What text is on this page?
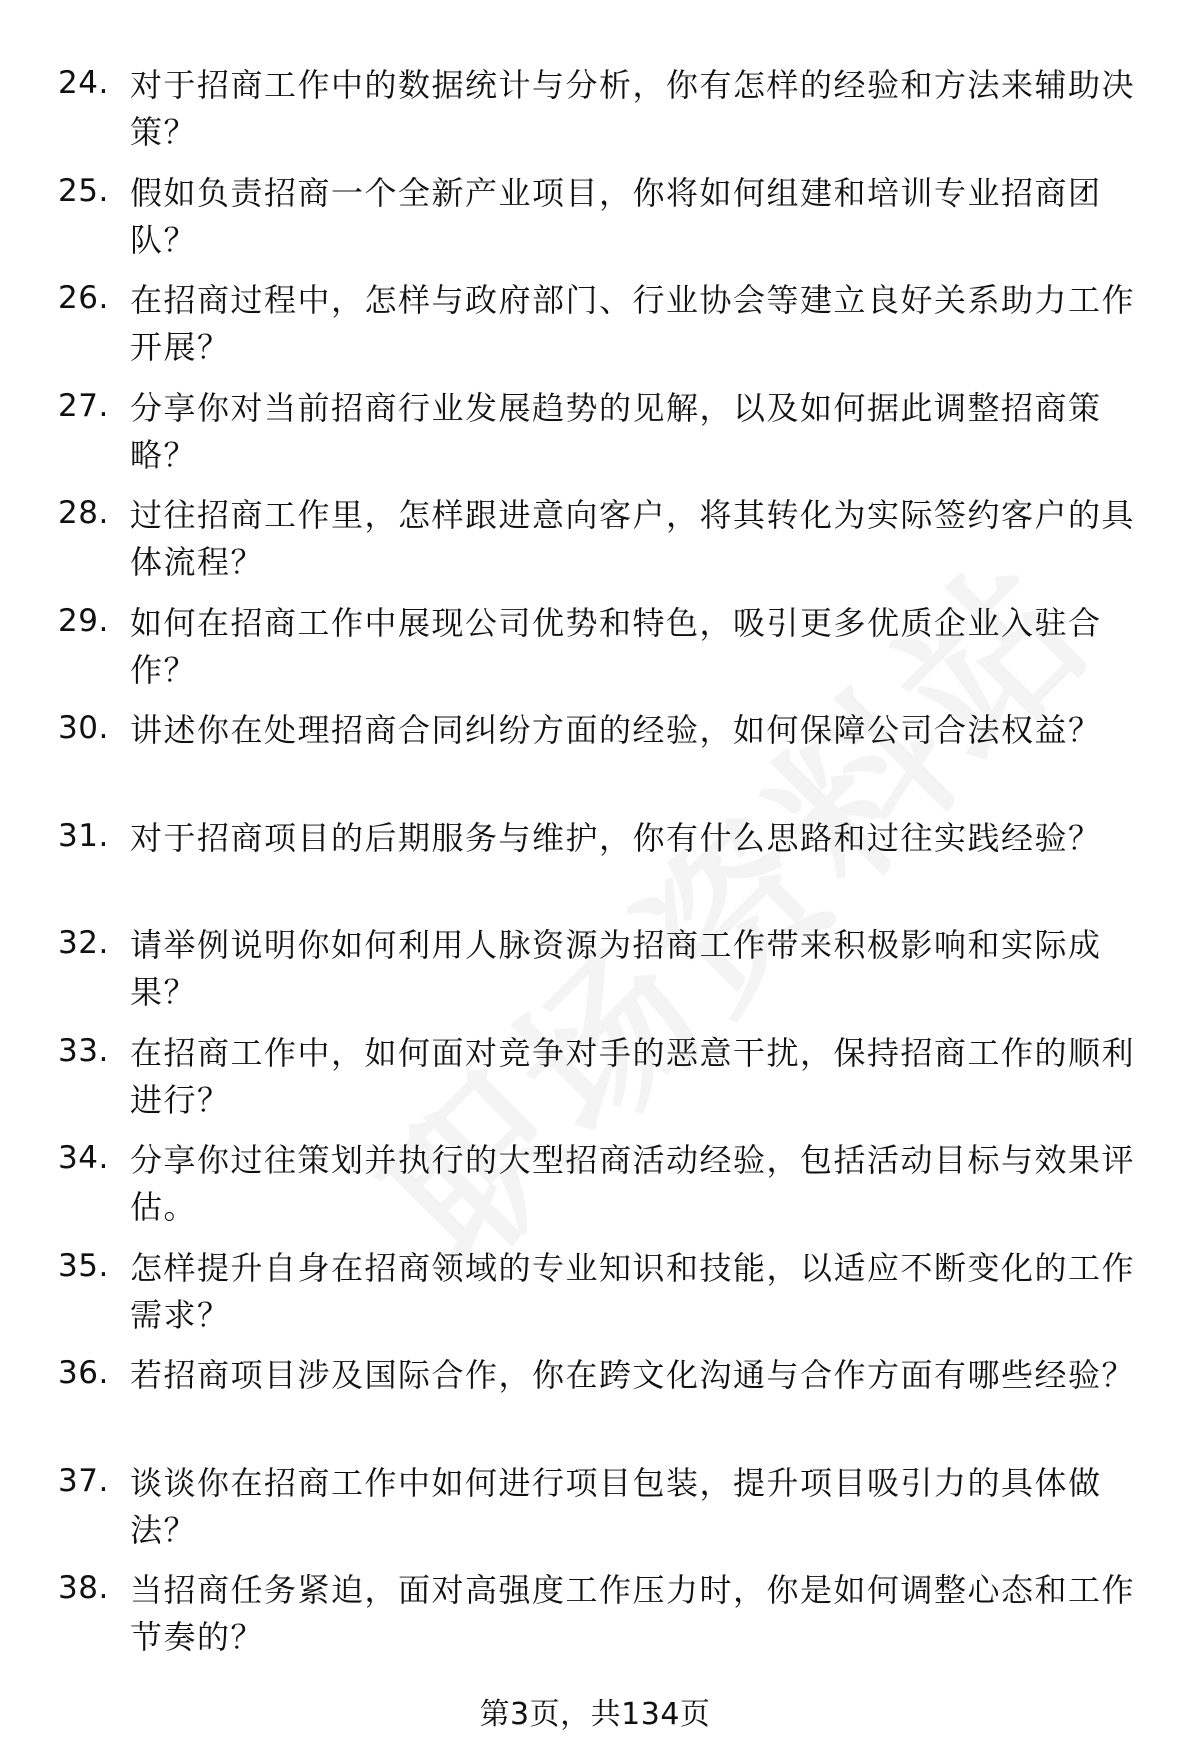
24. 对于招商工作中的数据统计与分析，你有怎样的经验和方法来辅助决策？
25. 假如负责招商一个全新产业项目，你将如何组建和培训专业招商团队？
26. 在招商过程中，怎样与政府部门、行业协会等建立良好关系助力工作开展？
27. 分享你对当前招商行业发展趋势的见解，以及如何据此调整招商策略？
28. 过往招商工作里，怎样跟进意向客户，将其转化为实际签约客户的具体流程？
29. 如何在招商工作中展现公司优势和特色，吸引更多优质企业入驻合作？
30. 讲述你在处理招商合同纠纷方面的经验，如何保障公司合法权益？
31. 对于招商项目的后期服务与维护，你有什么思路和过往实践经验？
32. 请举例说明你如何利用人脉资源为招商工作带来积极影响和实际成果？
33. 在招商工作中，如何面对竞争对手的恶意干扰，保持招商工作的顺利进行？
34. 分享你过往策划并执行的大型招商活动经验，包括活动目标与效果评估。
35. 怎样提升自身在招商领域的专业知识和技能，以适应不断变化的工作需求？
36. 若招商项目涉及国际合作，你在跨文化沟通与合作方面有哪些经验？
37. 谈谈你在招商工作中如何进行项目包装，提升项目吸引力的具体做法？
38. 当招商任务紧迫，面对高强度工作压力时，你是如何调整心态和工作节奏的？
第3页，共134页
